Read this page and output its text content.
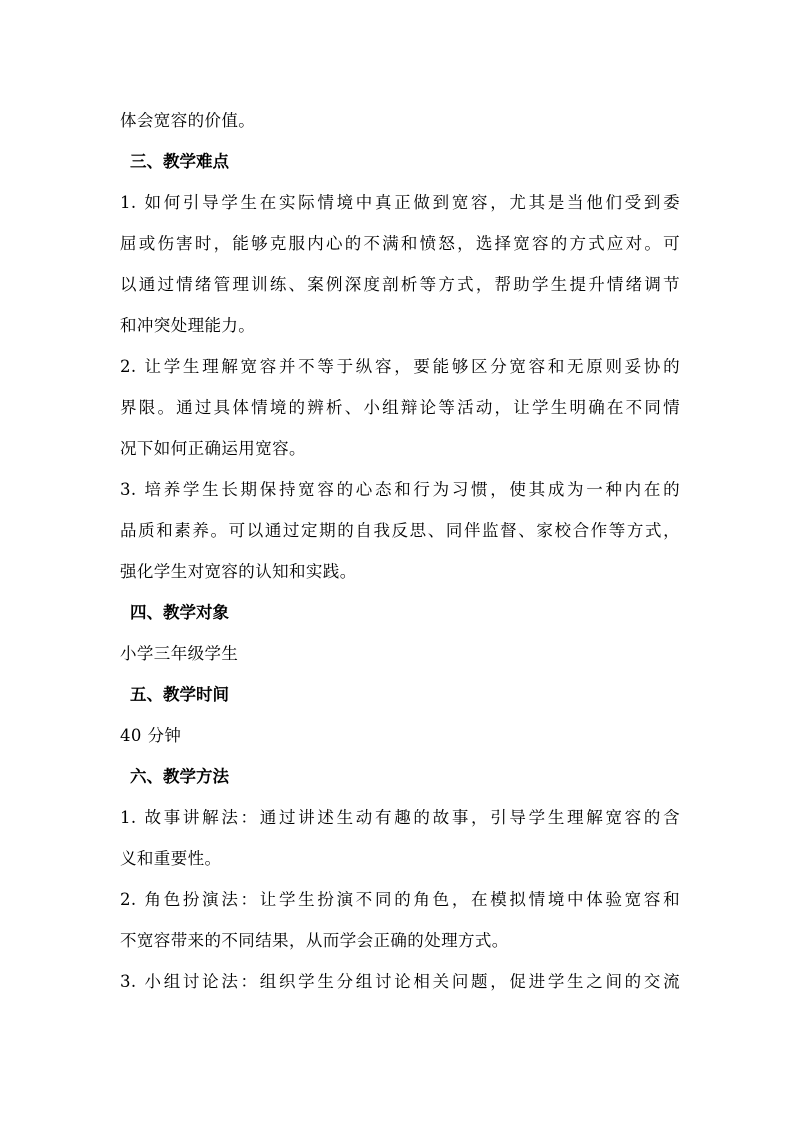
体会宽容的价值。
三、教学难点
1. 如何引导学生在实际情境中真正做到宽容，尤其是当他们受到委
屈或伤害时，能够克服内心的不满和愤怒，选择宽容的方式应对。可
以通过情绪管理训练、案例深度剖析等方式，帮助学生提升情绪调节
和冲突处理能力。
2. 让学生理解宽容并不等于纵容，要能够区分宽容和无原则妥协的
界限。通过具体情境的辨析、小组辩论等活动，让学生明确在不同情
况下如何正确运用宽容。
3. 培养学生长期保持宽容的心态和行为习惯，使其成为一种内在的
品质和素养。可以通过定期的自我反思、同伴监督、家校合作等方式，
强化学生对宽容的认知和实践。
四、教学对象
小学三年级学生
五、教学时间
40 分钟
六、教学方法
1. 故事讲解法：通过讲述生动有趣的故事，引导学生理解宽容的含
义和重要性。
2. 角色扮演法：让学生扮演不同的角色，在模拟情境中体验宽容和
不宽容带来的不同结果，从而学会正确的处理方式。
3. 小组讨论法：组织学生分组讨论相关问题，促进学生之间的交流
